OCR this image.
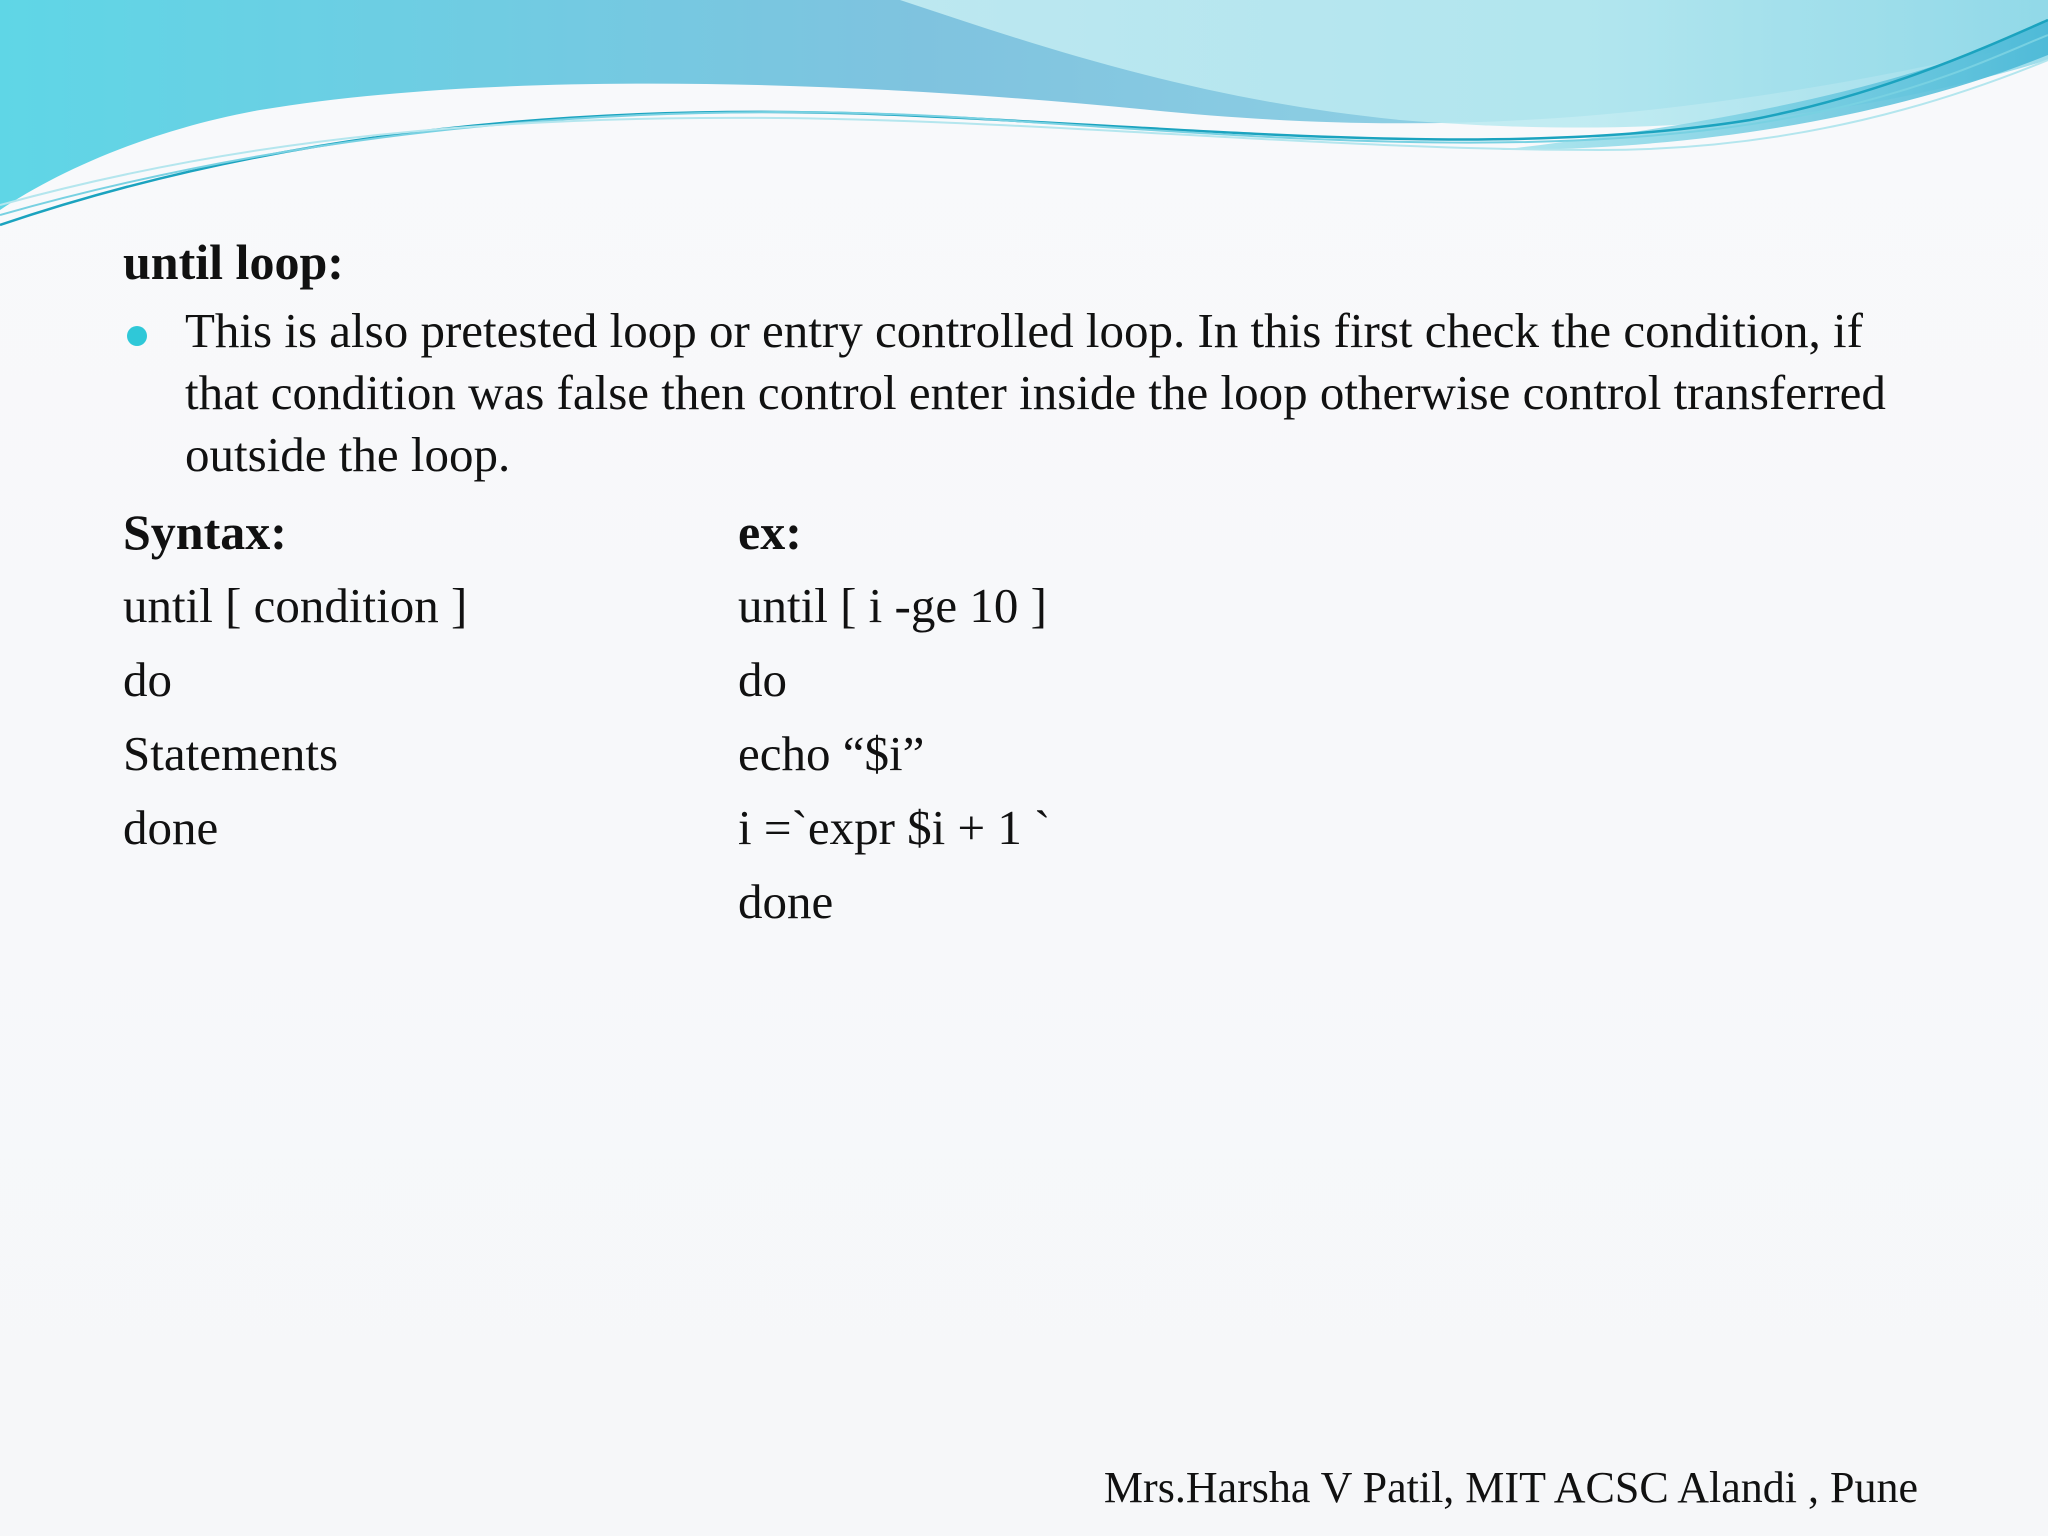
until loop:

This is also pretested loop or entry controlled loop. In this first check the condition, if that condition was false then control enter inside the loop otherwise control transferred outside the loop.

Syntax:

until [ condition ]

do

Statements

done

ex:

until [ i -ge 10 ]

do

echo “$i”

i =`expr $i + 1 `

done

Mrs.Harsha V Patil, MIT ACSC Alandi , Pune
